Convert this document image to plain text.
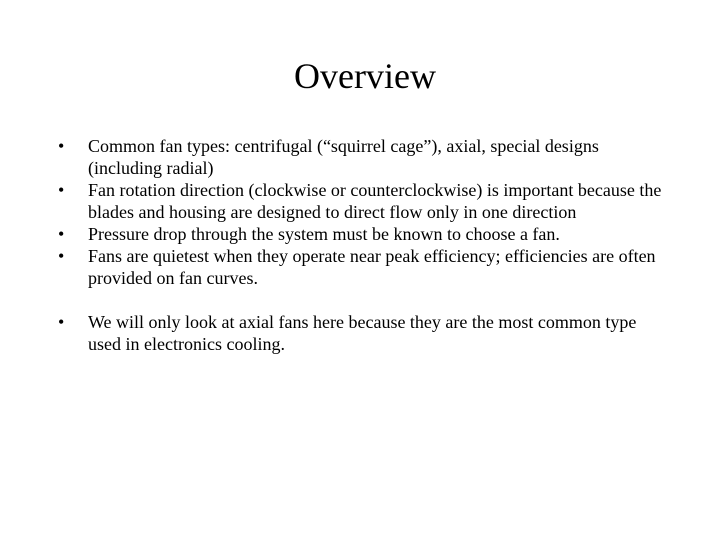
Overview
•	Common fan types: centrifugal (“squirrel cage”), axial, special designs (including radial)
•	Fan rotation direction (clockwise or counterclockwise) is important because the blades and housing are designed to direct flow only in one direction
•	Pressure drop through the system must be known to choose a fan.
•	Fans are quietest when they operate near peak efficiency; efficiencies are often provided on fan curves.
•	We will only look at axial fans here because they are the most common type used in electronics cooling.
